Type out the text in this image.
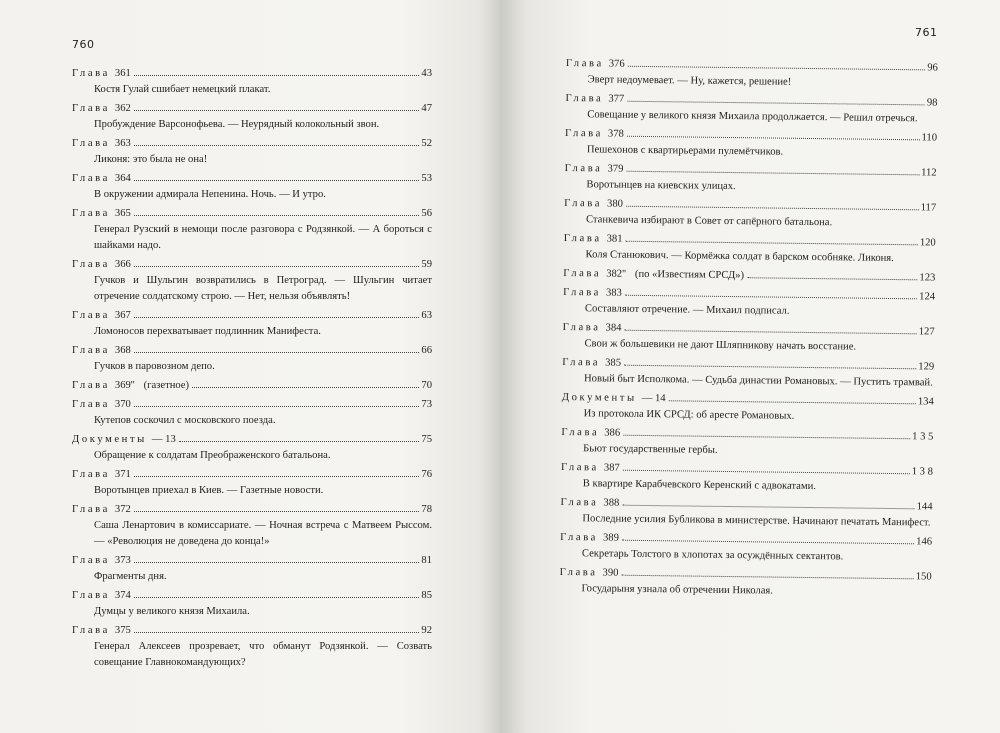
760
Глава 361	43
Костя Гулай сшибает немецкий плакат.
Глава 362	47
Пробуждение Варсонофьева. — Неурядный колокольный звон.
Глава 363	52
Ликоня: это была не она!
Глава 364	53
В окружении адмирала Непенина. Ночь. — И утро.
Глава 365	56
Генерал Рузский в немощи после разговора с Родзянкой. — А бороться с шайками надо.
Глава 366	59
Гучков и Шульгин возвратились в Петроград. — Шульгин читает отречение солдатскому строю. — Нет, нельзя объявлять!
Глава 367	63
Ломоносов перехватывает подлинник Манифеста.
Глава 368	66
Гучков в паровозном депо.
Глава 369'' (газетное)	70
Глава 370	73
Кутепов соскочил с московского поезда.
Документы — 13	75
Обращение к солдатам Преображенского батальона.
Глава 371	76
Воротынцев приехал в Киев. — Газетные новости.
Глава 372	78
Саша Ленартович в комиссариате. — Ночная встреча с Матвеем Рыссом. — «Революция не доведена до конца!»
Глава 373	81
Фрагменты дня.
Глава 374	85
Думцы у великого князя Михаила.
Глава 375	92
Генерал Алексеев прозревает, что обманут Родзянкой. — Созвать совещание Главнокомандующих?
761
Глава 376	96
Эверт недоумевает. — Ну, кажется, решение!
Глава 377	98
Совещание у великого князя Михаила продолжается. — Решил отречься.
Глава 378	110
Пешехонов с квартирьерами пулемётчиков.
Глава 379	112
Воротынцев на киевских улицах.
Глава 380	117
Станкевича избирают в Совет от сапёрного батальона.
Глава 381	120
Коля Станюкович. — Кормёжка солдат в барском особняке. Ликоня.
Глава 382'' (по «Известиям СРСД»)	123
Глава 383	124
Составляют отречение. — Михаил подписал.
Глава 384	127
Свои ж большевики не дают Шляпникову начать восстание.
Глава 385	129
Новый быт Исполкома. — Судьба династии Романовых. — Пустить трамвай.
Документы — 14	134
Из протокола ИК СРСД: об аресте Романовых.
Глава 386	1 3 5
Бьют государственные гербы.
Глава 387	1 3 8
В квартире Карабчевского Керенский с адвокатами.
Глава 388	144
Последние усилия Бубликова в министерстве. Начинают печатать Манифест.
Глава 389	146
Секретарь Толстого в хлопотах за осуждённых сектантов.
Глава 390	150
Государыня узнала об отречении Николая.
